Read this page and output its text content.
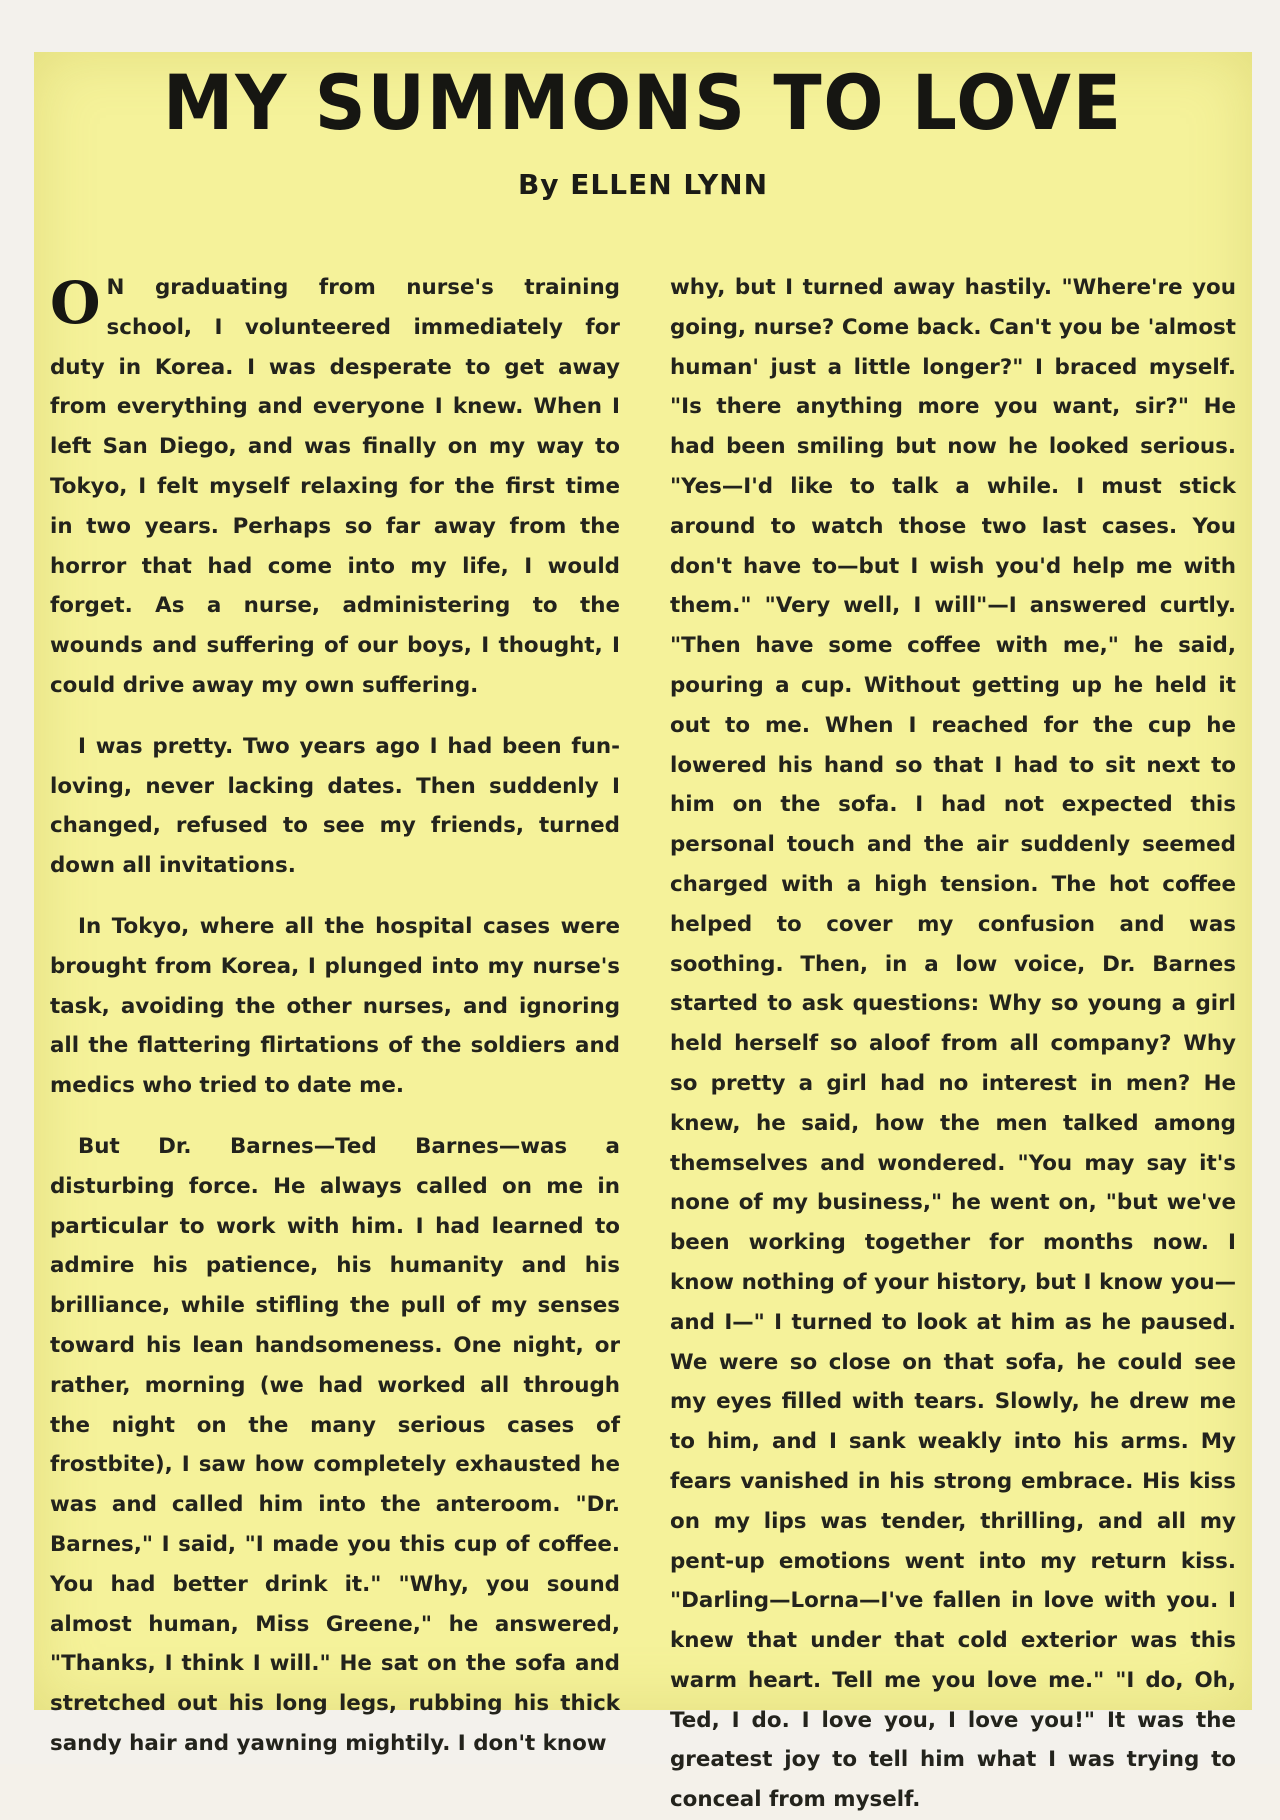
MY SUMMONS TO LOVE
By ELLEN LYNN

O N graduating from nurse's training school, I volunteered immediately for duty in Korea. I was desperate to get away from everything and everyone I knew. When I left San Diego, and was finally on my way to Tokyo, I felt myself relaxing for the first time in two years. Perhaps so far away from the horror that had come into my life, I would forget. As a nurse, administering to the wounds and suffering of our boys, I thought, I could drive away my own suffering.

I was pretty. Two years ago I had been fun-loving, never lacking dates. Then suddenly I changed, refused to see my friends, turned down all invitations.

In Tokyo, where all the hospital cases were brought from Korea, I plunged into my nurse's task, avoiding the other nurses, and ignoring all the flattering flirtations of the soldiers and medics who tried to date me.

But Dr. Barnes—Ted Barnes—was a disturbing force. He always called on me in particular to work with him. I had learned to admire his patience, his humanity and his brilliance, while stifling the pull of my senses toward his lean handsomeness. One night, or rather, morning (we had worked all through the night on the many serious cases of frostbite), I saw how completely exhausted he was and called him into the anteroom. "Dr. Barnes," I said, "I made you this cup of coffee. You had better drink it." "Why, you sound almost human, Miss Greene," he answered, "Thanks, I think I will." He sat on the sofa and stretched out his long legs, rubbing his thick sandy hair and yawning mightily. I don't know

why, but I turned away hastily. "Where're you going, nurse? Come back. Can't you be 'almost human' just a little longer?" I braced myself. "Is there anything more you want, sir?" He had been smiling but now he looked serious. "Yes—I'd like to talk a while. I must stick around to watch those two last cases. You don't have to—but I wish you'd help me with them." "Very well, I will"—I answered curtly. "Then have some coffee with me," he said, pouring a cup. Without getting up he held it out to me. When I reached for the cup he lowered his hand so that I had to sit next to him on the sofa. I had not expected this personal touch and the air suddenly seemed charged with a high tension. The hot coffee helped to cover my confusion and was soothing. Then, in a low voice, Dr. Barnes started to ask questions: Why so young a girl held herself so aloof from all company? Why so pretty a girl had no interest in men? He knew, he said, how the men talked among themselves and wondered. "You may say it's none of my business," he went on, "but we've been working together for months now. I know nothing of your history, but I know you—and I—" I turned to look at him as he paused. We were so close on that sofa, he could see my eyes filled with tears. Slowly, he drew me to him, and I sank weakly into his arms. My fears vanished in his strong embrace. His kiss on my lips was tender, thrilling, and all my pent-up emotions went into my return kiss. "Darling—Lorna—I've fallen in love with you. I knew that under that cold exterior was this warm heart. Tell me you love me." "I do, Oh, Ted, I do. I love you, I love you!" It was the greatest joy to tell him what I was trying to conceal from myself.
